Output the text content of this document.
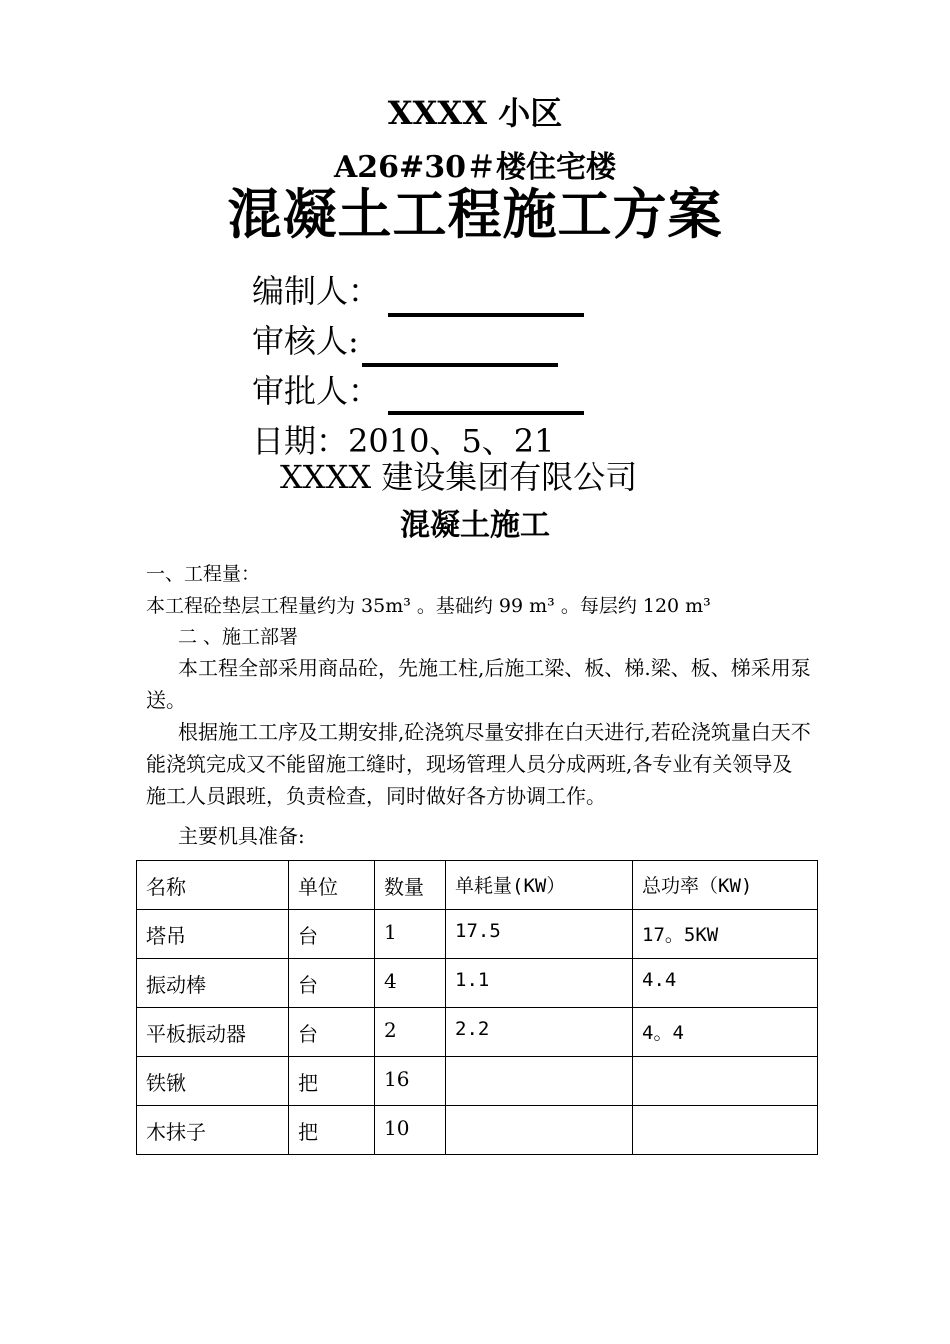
XXXX 小区
A26#30＃楼住宅楼
混凝土工程施工方案
编制人：
审核人:
审批人：
日期：2010、5、21
XXXX 建设集团有限公司
混凝土施工
一、工程量：
本工程砼垫层工程量约为 35m³ 。基础约 99 m³ 。每层约 120 m³
二 、施工部署
本工程全部采用商品砼，先施工柱,后施工梁、板、梯.梁、板、梯采用泵送。
根据施工工序及工期安排,砼浇筑尽量安排在白天进行,若砼浇筑量白天不能浇筑完成又不能留施工缝时，现场管理人员分成两班,各专业有关领导及施工人员跟班，负责检查，同时做好各方协调工作。
主要机具准备:
名称	单位	数量	单耗量(KW）	总功率（KW)
塔吊	台	1	17.5	17。5KW
振动棒	台	4	1.1	4.4
平板振动器	台	2	2.2	4。4
铁锹	把	16		
木抹子	把	10		
